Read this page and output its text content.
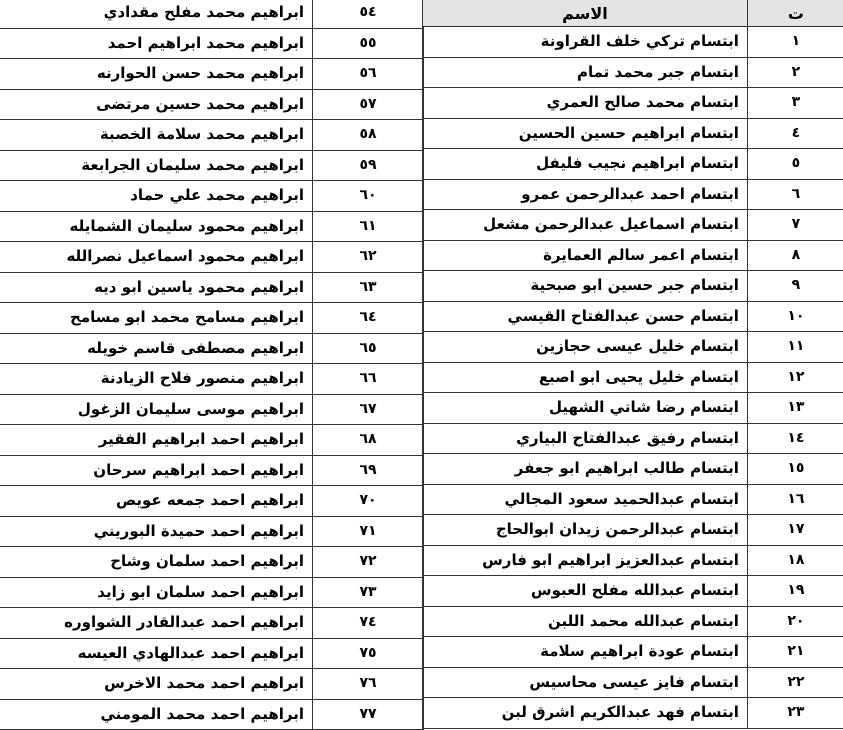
٥٤	ابراهيم محمد مفلح مقدادي
٥٥	ابراهيم محمد ابراهيم احمد
٥٦	ابراهيم محمد حسن الحوارنه
٥٧	ابراهيم محمد حسين مرتضى
٥٨	ابراهيم محمد سلامة الخصبة
٥٩	ابراهيم محمد سليمان الجرابعة
٦٠	ابراهيم محمد علي حماد
٦١	ابراهيم محمود سليمان الشمايله
٦٢	ابراهيم محمود اسماعيل نصرالله
٦٣	ابراهيم محمود ياسين ابو ديه
٦٤	ابراهيم مسامح محمد ابو مسامح
٦٥	ابراهيم مصطفى قاسم خويله
٦٦	ابراهيم منصور فلاح الزيادنة
٦٧	ابراهيم موسى سليمان الزغول
٦٨	ابراهيم احمد ابراهيم الفقير
٦٩	ابراهيم احمد ابراهيم سرحان
٧٠	ابراهيم احمد جمعه عويص
٧١	ابراهيم احمد حميدة البوريني
٧٢	ابراهيم احمد سلمان وشاح
٧٣	ابراهيم احمد سلمان ابو زايد
٧٤	ابراهيم احمد عبدالقادر الشواوره
٧٥	ابراهيم احمد عبدالهادي العيسه
٧٦	ابراهيم احمد محمد الاخرس
٧٧	ابراهيم احمد محمد المومني
ت	الاسم
١	ابتسام تركي خلف القراونة
٢	ابتسام جبر محمد تمام
٣	ابتسام محمد صالح العمري
٤	ابتسام ابراهيم حسين الحسين
٥	ابتسام ابراهيم نجيب فليفل
٦	ابتسام احمد عبدالرحمن عمرو
٧	ابتسام اسماعيل عبدالرحمن مشعل
٨	ابتسام اعمر سالم العمايرة
٩	ابتسام جبر حسين ابو صبحية
١٠	ابتسام حسن عبدالفتاح القيسي
١١	ابتسام خليل عيسى حجازين
١٢	ابتسام خليل يحيى ابو اصبع
١٣	ابتسام رضا شاتي الشهيل
١٤	ابتسام رفيق عبدالفتاح البياري
١٥	ابتسام طالب ابراهيم ابو جعفر
١٦	ابتسام عبدالحميد سعود المجالي
١٧	ابتسام عبدالرحمن زيدان ابوالحاج
١٨	ابتسام عبدالعزيز ابراهيم ابو فارس
١٩	ابتسام عبدالله مفلح العبوس
٢٠	ابتسام عبدالله محمد اللبن
٢١	ابتسام عودة ابراهيم سلامة
٢٢	ابتسام فايز عيسى محاسيس
٢٣	ابتسام فهد عبدالكريم اشرق لبن
